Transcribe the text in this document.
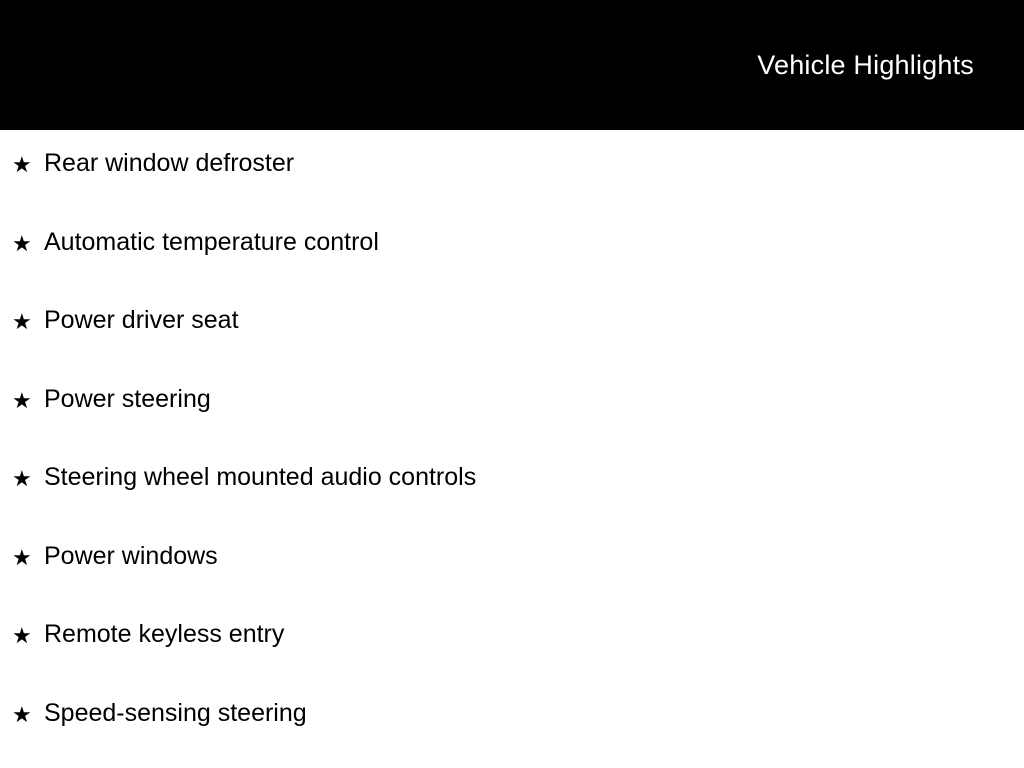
Vehicle Highlights
★ Rear window defroster
★ Automatic temperature control
★ Power driver seat
★ Power steering
★ Steering wheel mounted audio controls
★ Power windows
★ Remote keyless entry
★ Speed-sensing steering
